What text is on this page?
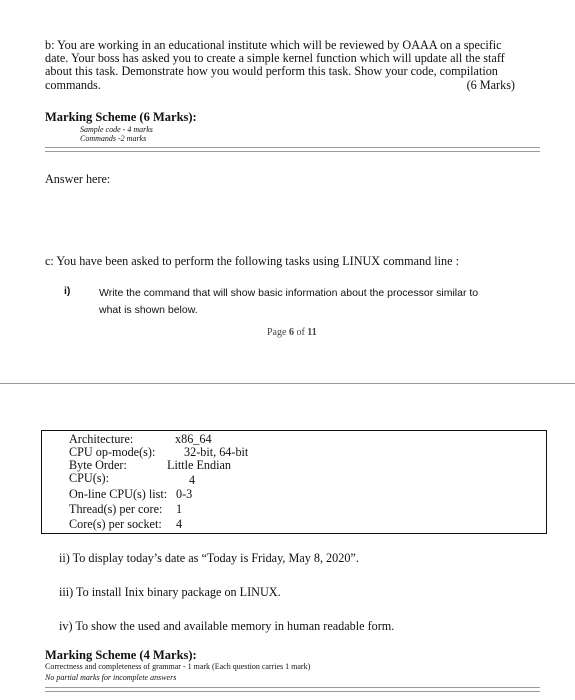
b: You are working in an educational institute which will be reviewed by OAAA on a specific
date. Your boss has asked you to create a simple kernel function which will update all the staff
about this task. Demonstrate how you would perform this task. Show your code, compilation
commands.	(6 Marks)
Marking Scheme (6 Marks):
Sample code - 4 marks
Commands -2 marks
Answer here:
c: You have been asked to perform the following tasks using LINUX command line :
i)	Write the command that will show basic information about the processor similar to
what is shown below.
Page 6 of 11
Architecture:	x86_64
CPU op-mode(s): 32-bit, 64-bit
Byte Order:	Little Endian
CPU(s):	4
On-line CPU(s) list: 0-3
Thread(s) per core: 1
Core(s) per socket: 4
ii) To display today’s date as “Today is Friday, May 8, 2020”.
iii) To install Inix binary package on LINUX.
iv) To show the used and available memory in human readable form.
Marking Scheme (4 Marks):
Correctness and completeness of grammar - 1 mark (Each question carries 1 mark)
No partial marks for incomplete answers
